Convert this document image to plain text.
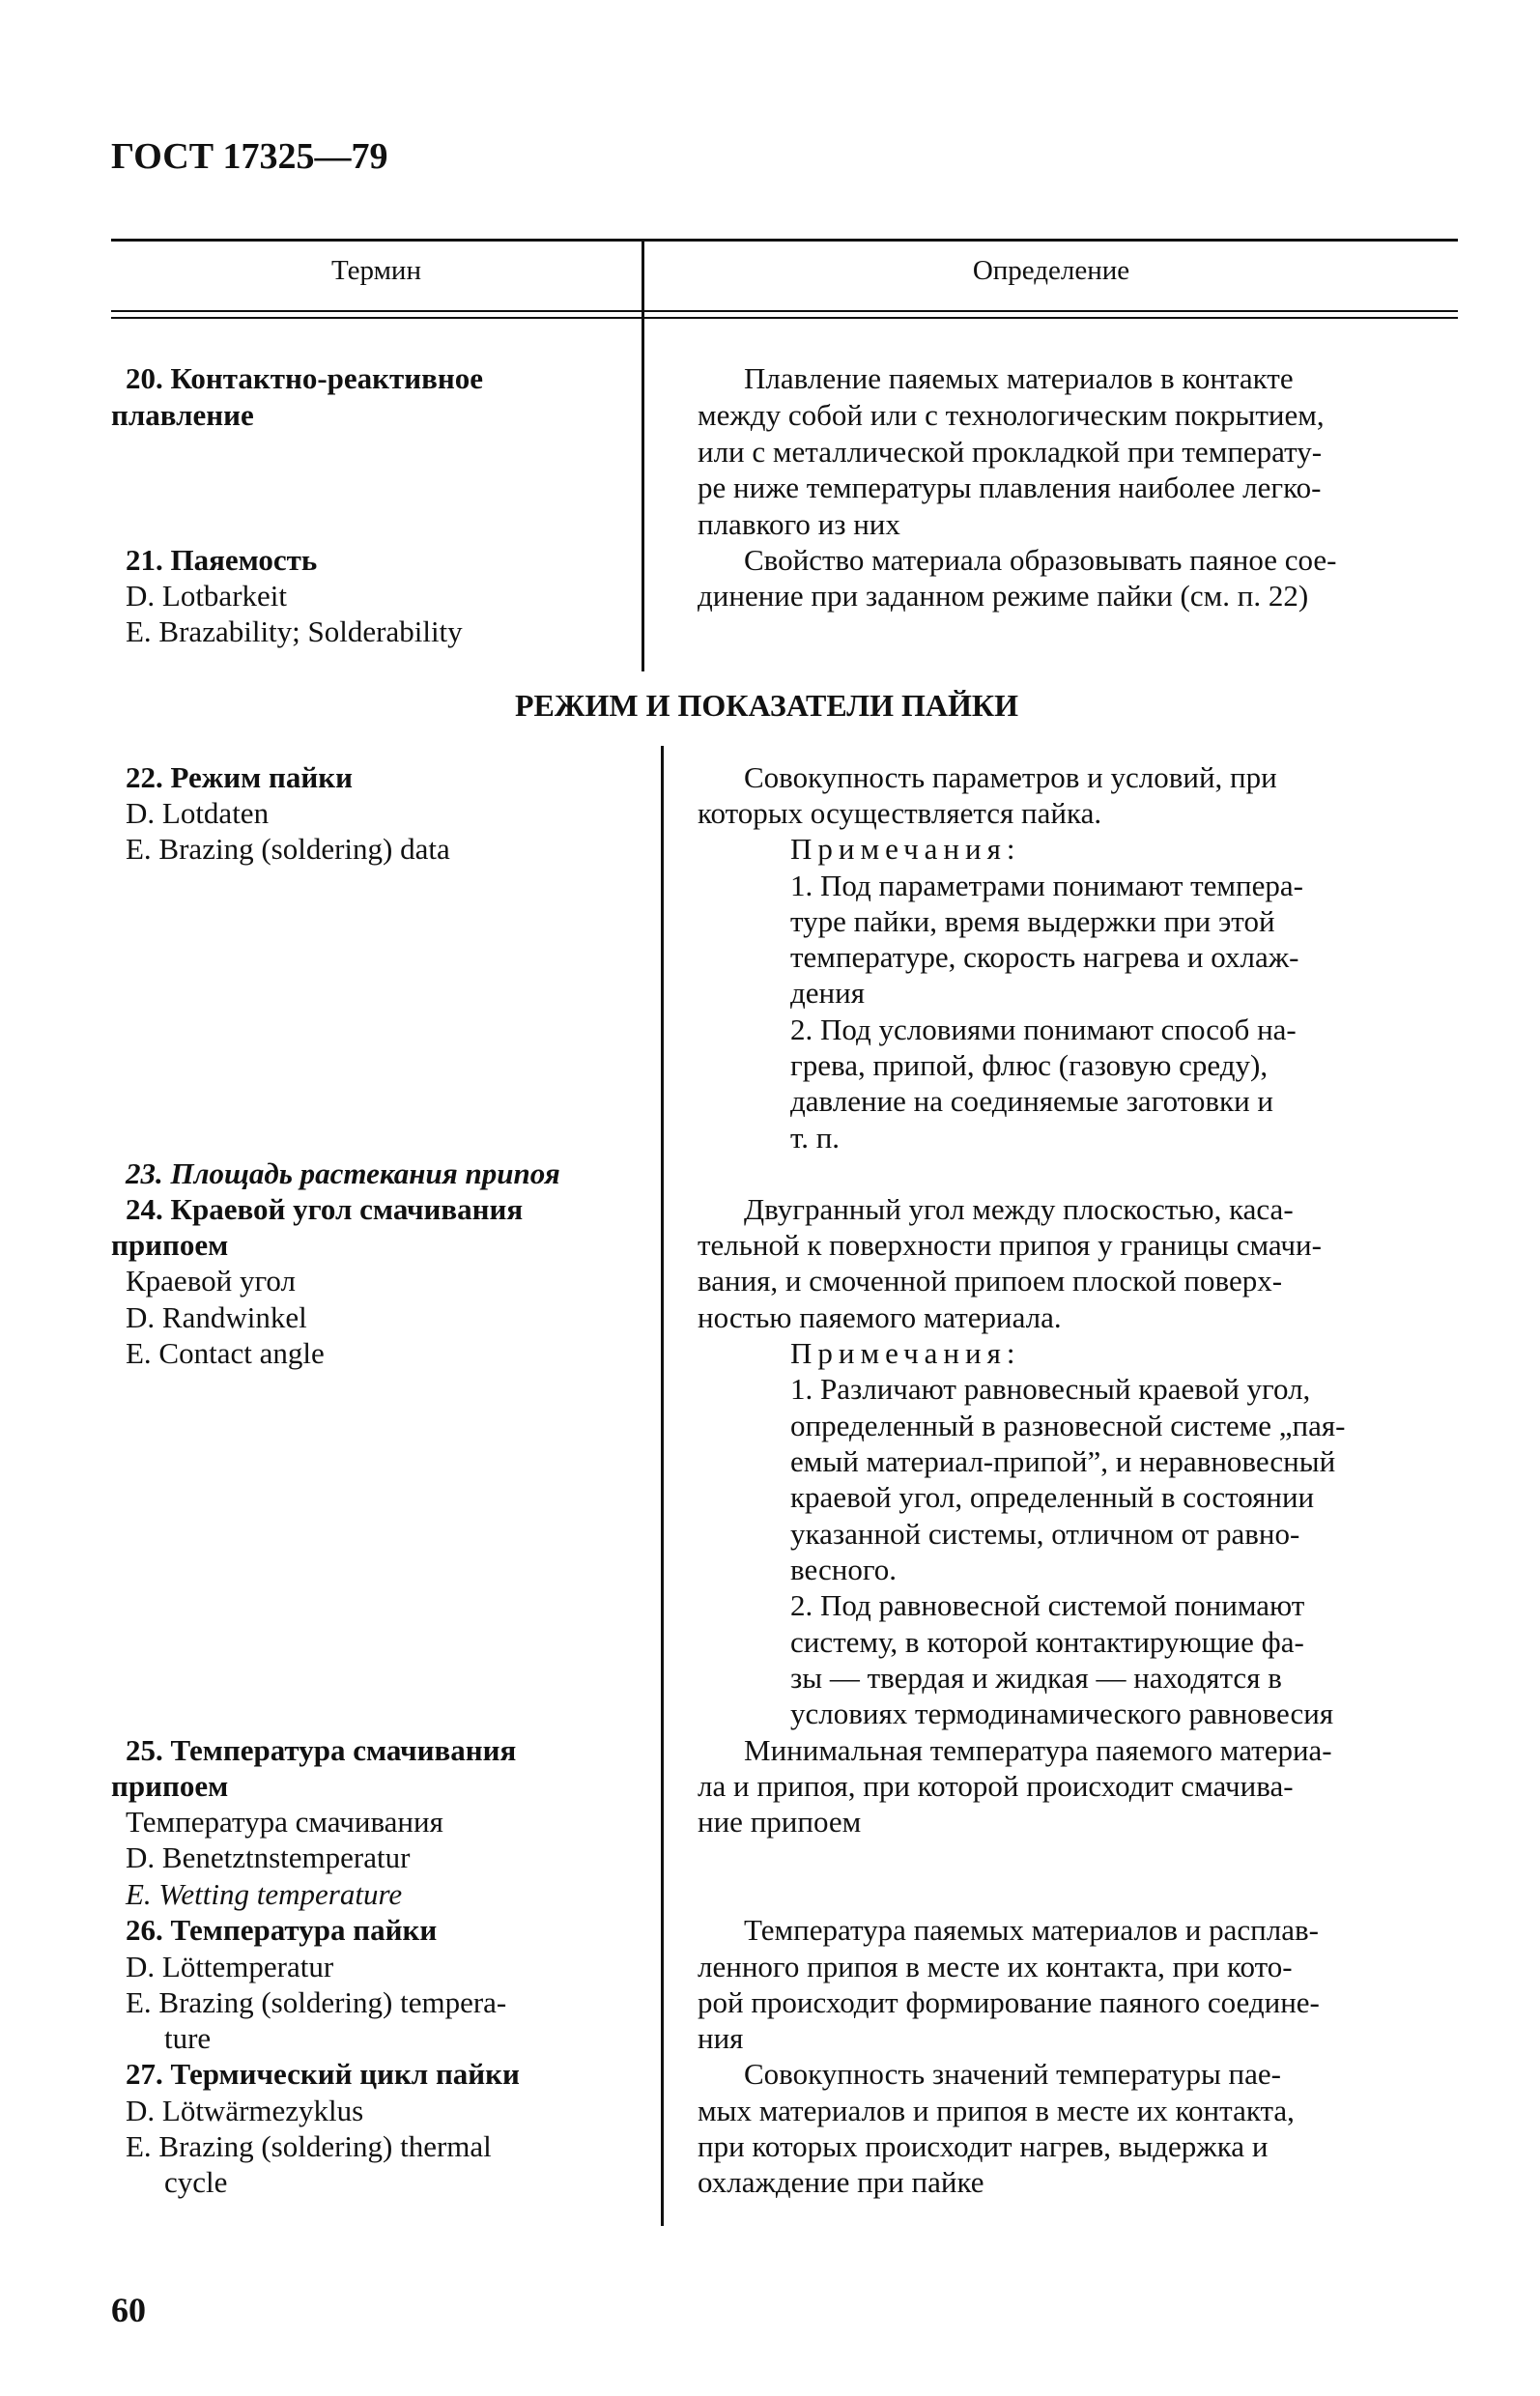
ГОСТ 17325—79
Термин	Определение
20. Контактно-реактивное
плавление
Плавление паяемых материалов в контакте
между собой или с технологическим покрытием,
или с металлической прокладкой при температу-
ре ниже температуры плавления наиболее легко-
плавкого из них
21. Паяемость
D. Lotbarkeit
E. Brazability; Solderability
Свойство материала образовывать паяное сое-
динение при заданном режиме пайки (см. п. 22)
РЕЖИМ И ПОКАЗАТЕЛИ ПАЙКИ
22. Режим пайки
D. Lotdaten
E. Brazing (soldering) data
Совокупность параметров и условий, при
которых осуществляется пайка.
Примечания:
1. Под параметрами понимают темпера-
туре пайки, время выдержки при этой
температуре, скорость нагрева и охлаж-
дения
2. Под условиями понимают способ на-
грева, припой, флюс (газовую среду),
давление на соединяемые заготовки и
т. п.
23. Площадь растекания припоя
24. Краевой угол смачивания
припоем
Краевой угол
D. Randwinkel
E. Contact angle
Двугранный угол между плоскостью, каса-
тельной к поверхности припоя у границы смачи-
вания, и смоченной припоем плоской поверх-
ностью паяемого материала.
Примечания:
1. Различают равновесный краевой угол,
определенный в разновесной системе „пая-
емый материал-припой”, и неравновесный
краевой угол, определенный в состоянии
указанной системы, отличном от равно-
весного.
2. Под равновесной системой понимают
систему, в которой контактирующие фа-
зы — твердая и жидкая — находятся в
условиях термодинамического равновесия
25. Температура смачивания
припоем
Температура смачивания
D. Benetztnstemperatur
E. Wetting temperature
Минимальная температура паяемого материа-
ла и припоя, при которой происходит смачива-
ние припоем
26. Температура пайки
D. Löttemperatur
E. Brazing (soldering) tempera-
ture
Температура паяемых материалов и расплав-
ленного припоя в месте их контакта, при кото-
рой происходит формирование паяного соедине-
ния
27. Термический цикл пайки
D. Lötwärmezyklus
E. Brazing (soldering) thermal
cycle
Совокупность значений температуры пае-
мых материалов и припоя в месте их контакта,
при которых происходит нагрев, выдержка и
охлаждение при пайке
60
